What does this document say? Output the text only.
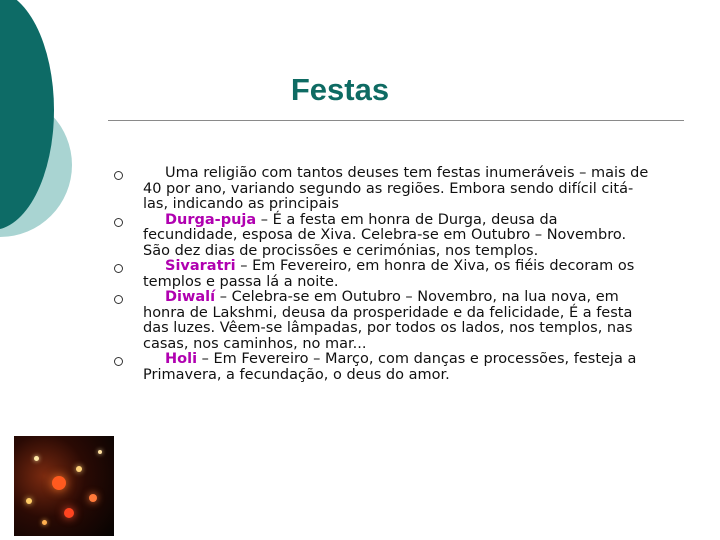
Festas

Uma religião com tantos deuses tem festas inumeráveis – mais de 40 por ano, variando segundo as regiões. Embora sendo difícil citá-las, indicando as principais

Durga-puja – É a festa em honra de Durga, deusa da fecundidade, esposa de Xiva. Celebra-se em Outubro – Novembro. São dez dias de procissões e cerimónias, nos templos.

Sivaratri – Em Fevereiro, em honra de Xiva, os fiéis decoram os templos e passa lá a noite.

Diwalí – Celebra-se em Outubro – Novembro, na lua nova, em honra de Lakshmi, deusa da prosperidade e da felicidade, É a festa das luzes. Vêem-se lâmpadas, por todos os lados, nos templos, nas casas, nos caminhos, no mar...

Holi – Em Fevereiro – Março, com danças e processões, festeja a Primavera, a fecundação, o deus do amor.
